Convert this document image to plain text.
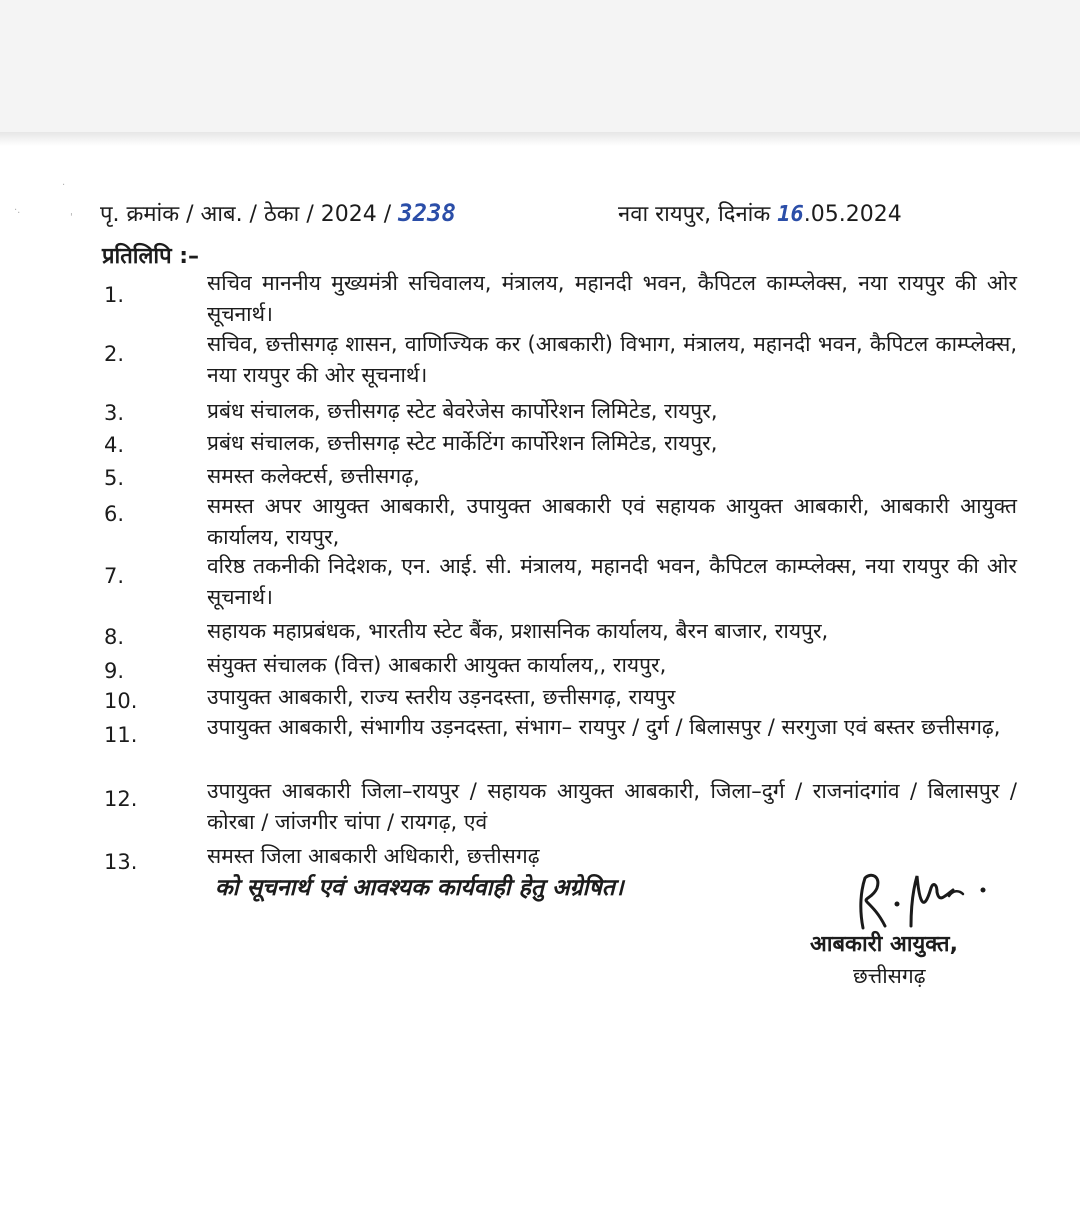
·
·.
' पृ. क्रमांक / आब. / ठेका / 2024 / 3238	नवा रायपुर, दिनांक 16.05.2024
प्रतिलिपि :–
1.	सचिव माननीय मुख्यमंत्री सचिवालय, मंत्रालय, महानदी भवन, कैपिटल काम्प्लेक्स, नया रायपुर की ओर सूचनार्थ।
2.	सचिव, छत्तीसगढ़ शासन, वाणिज्यिक कर (आबकारी) विभाग, मंत्रालय, महानदी भवन, कैपिटल काम्प्लेक्स, नया रायपुर की ओर सूचनार्थ।
3.	प्रबंध संचालक, छत्तीसगढ़ स्टेट बेवरेजेस कार्पोरेशन लिमिटेड, रायपुर,
4.	प्रबंध संचालक, छत्तीसगढ़ स्टेट मार्केटिंग कार्पोरेशन लिमिटेड, रायपुर,
5.	समस्त कलेक्टर्स, छत्तीसगढ़,
6.	समस्त अपर आयुक्त आबकारी, उपायुक्त आबकारी एवं सहायक आयुक्त आबकारी, आबकारी आयुक्त कार्यालय, रायपुर,
7.	वरिष्ठ तकनीकी निदेशक, एन. आई. सी. मंत्रालय, महानदी भवन, कैपिटल काम्प्लेक्स, नया रायपुर की ओर सूचनार्थ।
8.	सहायक महाप्रबंधक, भारतीय स्टेट बैंक, प्रशासनिक कार्यालय, बैरन बाजार, रायपुर,
9.	संयुक्त संचालक (वित्त) आबकारी आयुक्त कार्यालय,, रायपुर,
10.	उपायुक्त आबकारी, राज्य स्तरीय उड़नदस्ता, छत्तीसगढ़, रायपुर
11.	उपायुक्त आबकारी, संभागीय उड़नदस्ता, संभाग– रायपुर / दुर्ग / बिलासपुर / सरगुजा एवं बस्तर छत्तीसगढ़,
12.	उपायुक्त आबकारी जिला–रायपुर / सहायक आयुक्त आबकारी, जिला–दुर्ग / राजनांदगांव / बिलासपुर / कोरबा / जांजगीर चांपा / रायगढ़, एवं
13.	समस्त जिला आबकारी अधिकारी, छत्तीसगढ़
को सूचनार्थ एवं आवश्यक कार्यवाही हेतु अग्रेषित।
आबकारी आयुक्त,
छत्तीसगढ़
